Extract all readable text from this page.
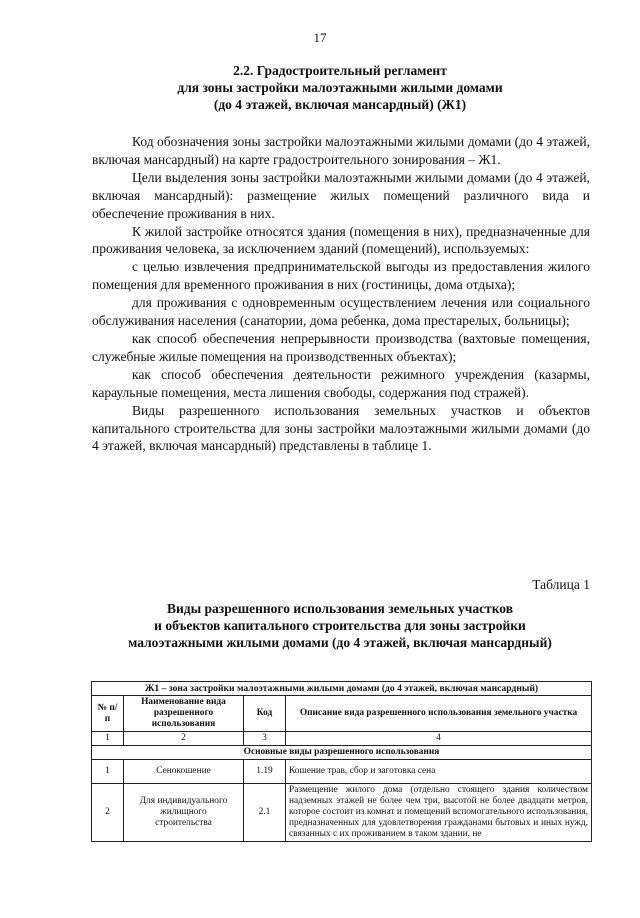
17
2.2. Градостроительный регламент
для зоны застройки малоэтажными жилыми домами
(до 4 этажей, включая мансардный) (Ж1)

Код обозначения зоны застройки малоэтажными жилыми домами (до 4 этажей, включая мансардный) на карте градостроительного зонирования – Ж1.

Цели выделения зоны застройки малоэтажными жилыми домами (до 4 этажей, включая мансардный): размещение жилых помещений различного вида и обеспечение проживания в них.

К жилой застройке относятся здания (помещения в них), предназначенные для проживания человека, за исключением зданий (помещений), используемых:

с целью извлечения предпринимательской выгоды из предоставления жилого помещения для временного проживания в них (гостиницы, дома отдыха);

для проживания с одновременным осуществлением лечения или социального обслуживания населения (санатории, дома ребенка, дома престарелых, больницы);

как способ обеспечения непрерывности производства (вахтовые помещения, служебные жилые помещения на производственных объектах);

как способ обеспечения деятельности режимного учреждения (казармы, караульные помещения, места лишения свободы, содержания под стражей).

Виды разрешенного использования земельных участков и объектов капитального строительства для зоны застройки малоэтажными жилыми домами (до 4 этажей, включая мансардный) представлены в таблице 1.

Таблица 1
Виды разрешенного использования земельных участков
и объектов капитального строительства для зоны застройки
малоэтажными жилыми домами (до 4 этажей, включая мансардный)
Ж1 – зона застройки малоэтажными жилыми домами (до 4 этажей, включая мансардный)			
№ п/п	Наименование вида разрешенного использования	Код	Описание вида разрешенного использования земельного участка
1	2	3	4
Основные виды разрешенного использования			
1	Сенокошение	1.19	Кошение трав, сбор и заготовка сена
2	Для индивидуального жилищного строительства	2.1	Размещение жилого дома (отдельно стоящего здания количеством надземных этажей не более чем три, высотой не более двадцати метров, которое состоит из комнат и помещений вспомогательного использования, предназначенных для удовлетворения гражданами бытовых и иных нужд, связанных с их проживанием в таком здании, не
